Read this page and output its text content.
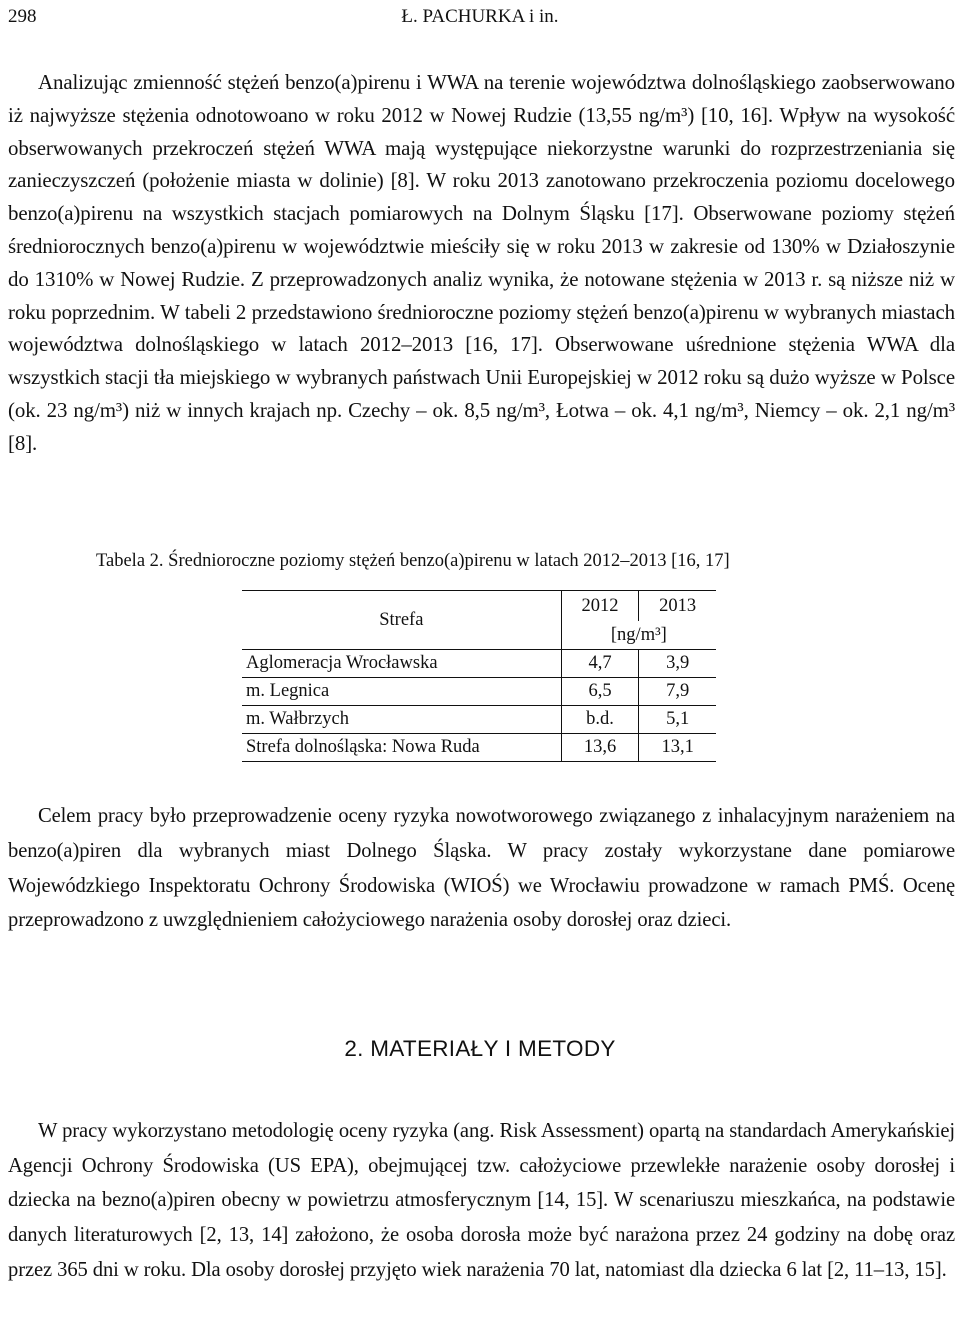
298	Ł. PACHURKA i in.

Analizując zmienność stężeń benzo(a)pirenu i WWA na terenie województwa dolnośląskiego zaobserwowano iż najwyższe stężenia odnotowoano w roku 2012 w Nowej Rudzie (13,55 ng/m³) [10, 16]. Wpływ na wysokość obserwowanych przekroczeń stężeń WWA mają występujące niekorzystne warunki do rozprzestrzeniania się zanieczyszczeń (położenie miasta w dolinie) [8]. W roku 2013 zanotowano przekroczenia poziomu docelowego benzo(a)pirenu na wszystkich stacjach pomiarowych na Dolnym Śląsku [17]. Obserwowane poziomy stężeń średniorocznych benzo(a)pirenu w województwie mieściły się w roku 2013 w zakresie od 130% w Działoszynie do 1310% w Nowej Rudzie. Z przeprowadzonych analiz wynika, że notowane stężenia w 2013 r. są niższe niż w roku poprzednim. W tabeli 2 przedstawiono średnioroczne poziomy stężeń benzo(a)pirenu w wybranych miastach województwa dolnośląskiego w latach 2012–2013 [16, 17]. Obserwowane uśrednione stężenia WWA dla wszystkich stacji tła miejskiego w wybranych państwach Unii Europejskiej w 2012 roku są dużo wyższe w Polsce (ok. 23 ng/m³) niż w innych krajach np. Czechy – ok. 8,5 ng/m³, Łotwa – ok. 4,1 ng/m³, Niemcy – ok. 2,1 ng/m³ [8].

Tabela 2. Średnioroczne poziomy stężeń benzo(a)pirenu w latach 2012–2013 [16, 17]
Strefa	2012	2013
	[ng/m³]	
Aglomeracja Wrocławska	4,7	3,9
m. Legnica	6,5	7,9
m. Wałbrzych	b.d.	5,1
Strefa dolnośląska: Nowa Ruda	13,6	13,1

Celem pracy było przeprowadzenie oceny ryzyka nowotworowego związanego z inhalacyjnym narażeniem na benzo(a)piren dla wybranych miast Dolnego Śląska. W pracy zostały wykorzystane dane pomiarowe Wojewódzkiego Inspektoratu Ochrony Środowiska (WIOŚ) we Wrocławiu prowadzone w ramach PMŚ. Ocenę przeprowadzono z uwzględnieniem całożyciowego narażenia osoby dorosłej oraz dzieci.

2. MATERIAŁY I METODY

W pracy wykorzystano metodologię oceny ryzyka (ang. Risk Assessment) opartą na standardach Amerykańskiej Agencji Ochrony Środowiska (US EPA), obejmującej tzw. całożyciowe przewlekłe narażenie osoby dorosłej i dziecka na bezno(a)piren obecny w powietrzu atmosferycznym [14, 15]. W scenariuszu mieszkańca, na podstawie danych literaturowych [2, 13, 14] założono, że osoba dorosła może być narażona przez 24 godziny na dobę oraz przez 365 dni w roku. Dla osoby dorosłej przyjęto wiek narażenia 70 lat, natomiast dla dziecka 6 lat [2, 11–13, 15].
